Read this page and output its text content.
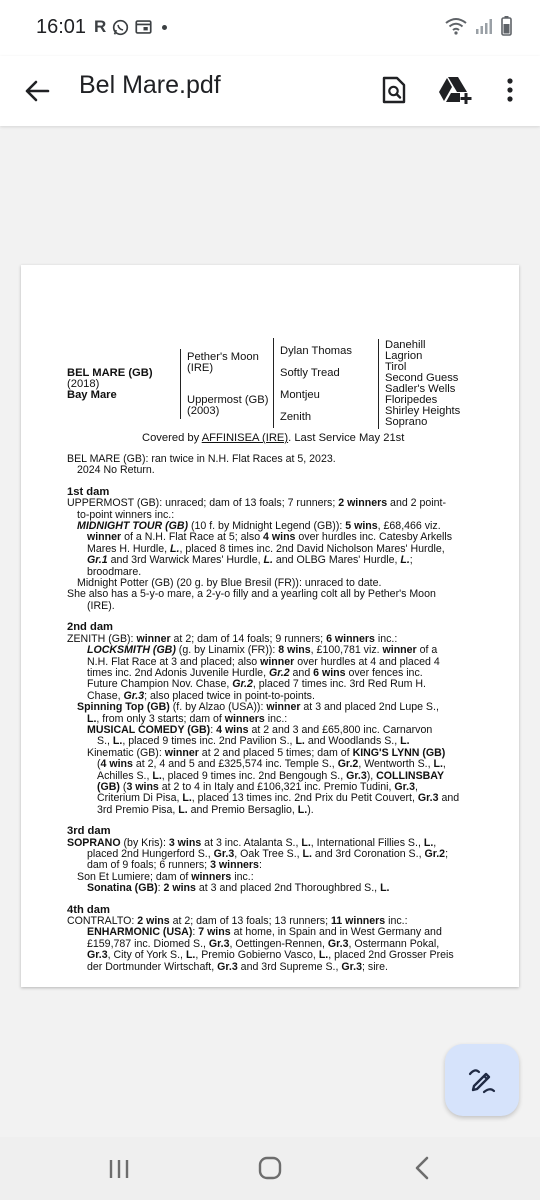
16:01 R
Bel Mare.pdf
BEL MARE (GB)
(2018)
Bay Mare
Pether's Moon
(IRE)
Uppermost (GB)
(2003)
Dylan Thomas
Softly Tread
Montjeu
Zenith
Danehill
Lagrion
Tirol
Second Guess
Sadler's Wells
Floripedes
Shirley Heights
Soprano
Covered by AFFINISEA (IRE). Last Service May 21st
BEL MARE (GB): ran twice in N.H. Flat Races at 5, 2023.
2024 No Return.
1st dam
UPPERMOST (GB): unraced; dam of 13 foals; 7 runners; 2 winners and 2 point-
to-point winners inc.:
MIDNIGHT TOUR (GB) (10 f. by Midnight Legend (GB)): 5 wins, £68,466 viz.
winner of a N.H. Flat Race at 5; also 4 wins over hurdles inc. Catesby Arkells
Mares H. Hurdle, L., placed 8 times inc. 2nd David Nicholson Mares' Hurdle,
Gr.1 and 3rd Warwick Mares' Hurdle, L. and OLBG Mares' Hurdle, L.;
broodmare.
Midnight Potter (GB) (20 g. by Blue Bresil (FR)): unraced to date.
She also has a 5-y-o mare, a 2-y-o filly and a yearling colt all by Pether's Moon
(IRE).
2nd dam
ZENITH (GB): winner at 2; dam of 14 foals; 9 runners; 6 winners inc.:
LOCKSMITH (GB) (g. by Linamix (FR)): 8 wins, £100,781 viz. winner of a
N.H. Flat Race at 3 and placed; also winner over hurdles at 4 and placed 4
times inc. 2nd Adonis Juvenile Hurdle, Gr.2 and 6 wins over fences inc.
Future Champion Nov. Chase, Gr.2, placed 7 times inc. 3rd Red Rum H.
Chase, Gr.3; also placed twice in point-to-points.
Spinning Top (GB) (f. by Alzao (USA)): winner at 3 and placed 2nd Lupe S.,
L., from only 3 starts; dam of winners inc.:
MUSICAL COMEDY (GB): 4 wins at 2 and 3 and £65,800 inc. Carnarvon
S., L., placed 9 times inc. 2nd Pavilion S., L. and Woodlands S., L.
Kinematic (GB): winner at 2 and placed 5 times; dam of KING'S LYNN (GB)
(4 wins at 2, 4 and 5 and £325,574 inc. Temple S., Gr.2, Wentworth S., L.,
Achilles S., L., placed 9 times inc. 2nd Bengough S., Gr.3), COLLINSBAY
(GB) (3 wins at 2 to 4 in Italy and £106,321 inc. Premio Tudini, Gr.3,
Criterium Di Pisa, L., placed 13 times inc. 2nd Prix du Petit Couvert, Gr.3 and
3rd Premio Pisa, L. and Premio Bersaglio, L.).
3rd dam
SOPRANO (by Kris): 3 wins at 3 inc. Atalanta S., L., International Fillies S., L.,
placed 2nd Hungerford S., Gr.3, Oak Tree S., L. and 3rd Coronation S., Gr.2;
dam of 9 foals; 6 runners; 3 winners:
Son Et Lumiere; dam of winners inc.:
Sonatina (GB): 2 wins at 3 and placed 2nd Thoroughbred S., L.
4th dam
CONTRALTO: 2 wins at 2; dam of 13 foals; 13 runners; 11 winners inc.:
ENHARMONIC (USA): 7 wins at home, in Spain and in West Germany and
£159,787 inc. Diomed S., Gr.3, Oettingen-Rennen, Gr.3, Ostermann Pokal,
Gr.3, City of York S., L., Premio Gobierno Vasco, L., placed 2nd Grosser Preis
der Dortmunder Wirtschaft, Gr.3 and 3rd Supreme S., Gr.3; sire.
